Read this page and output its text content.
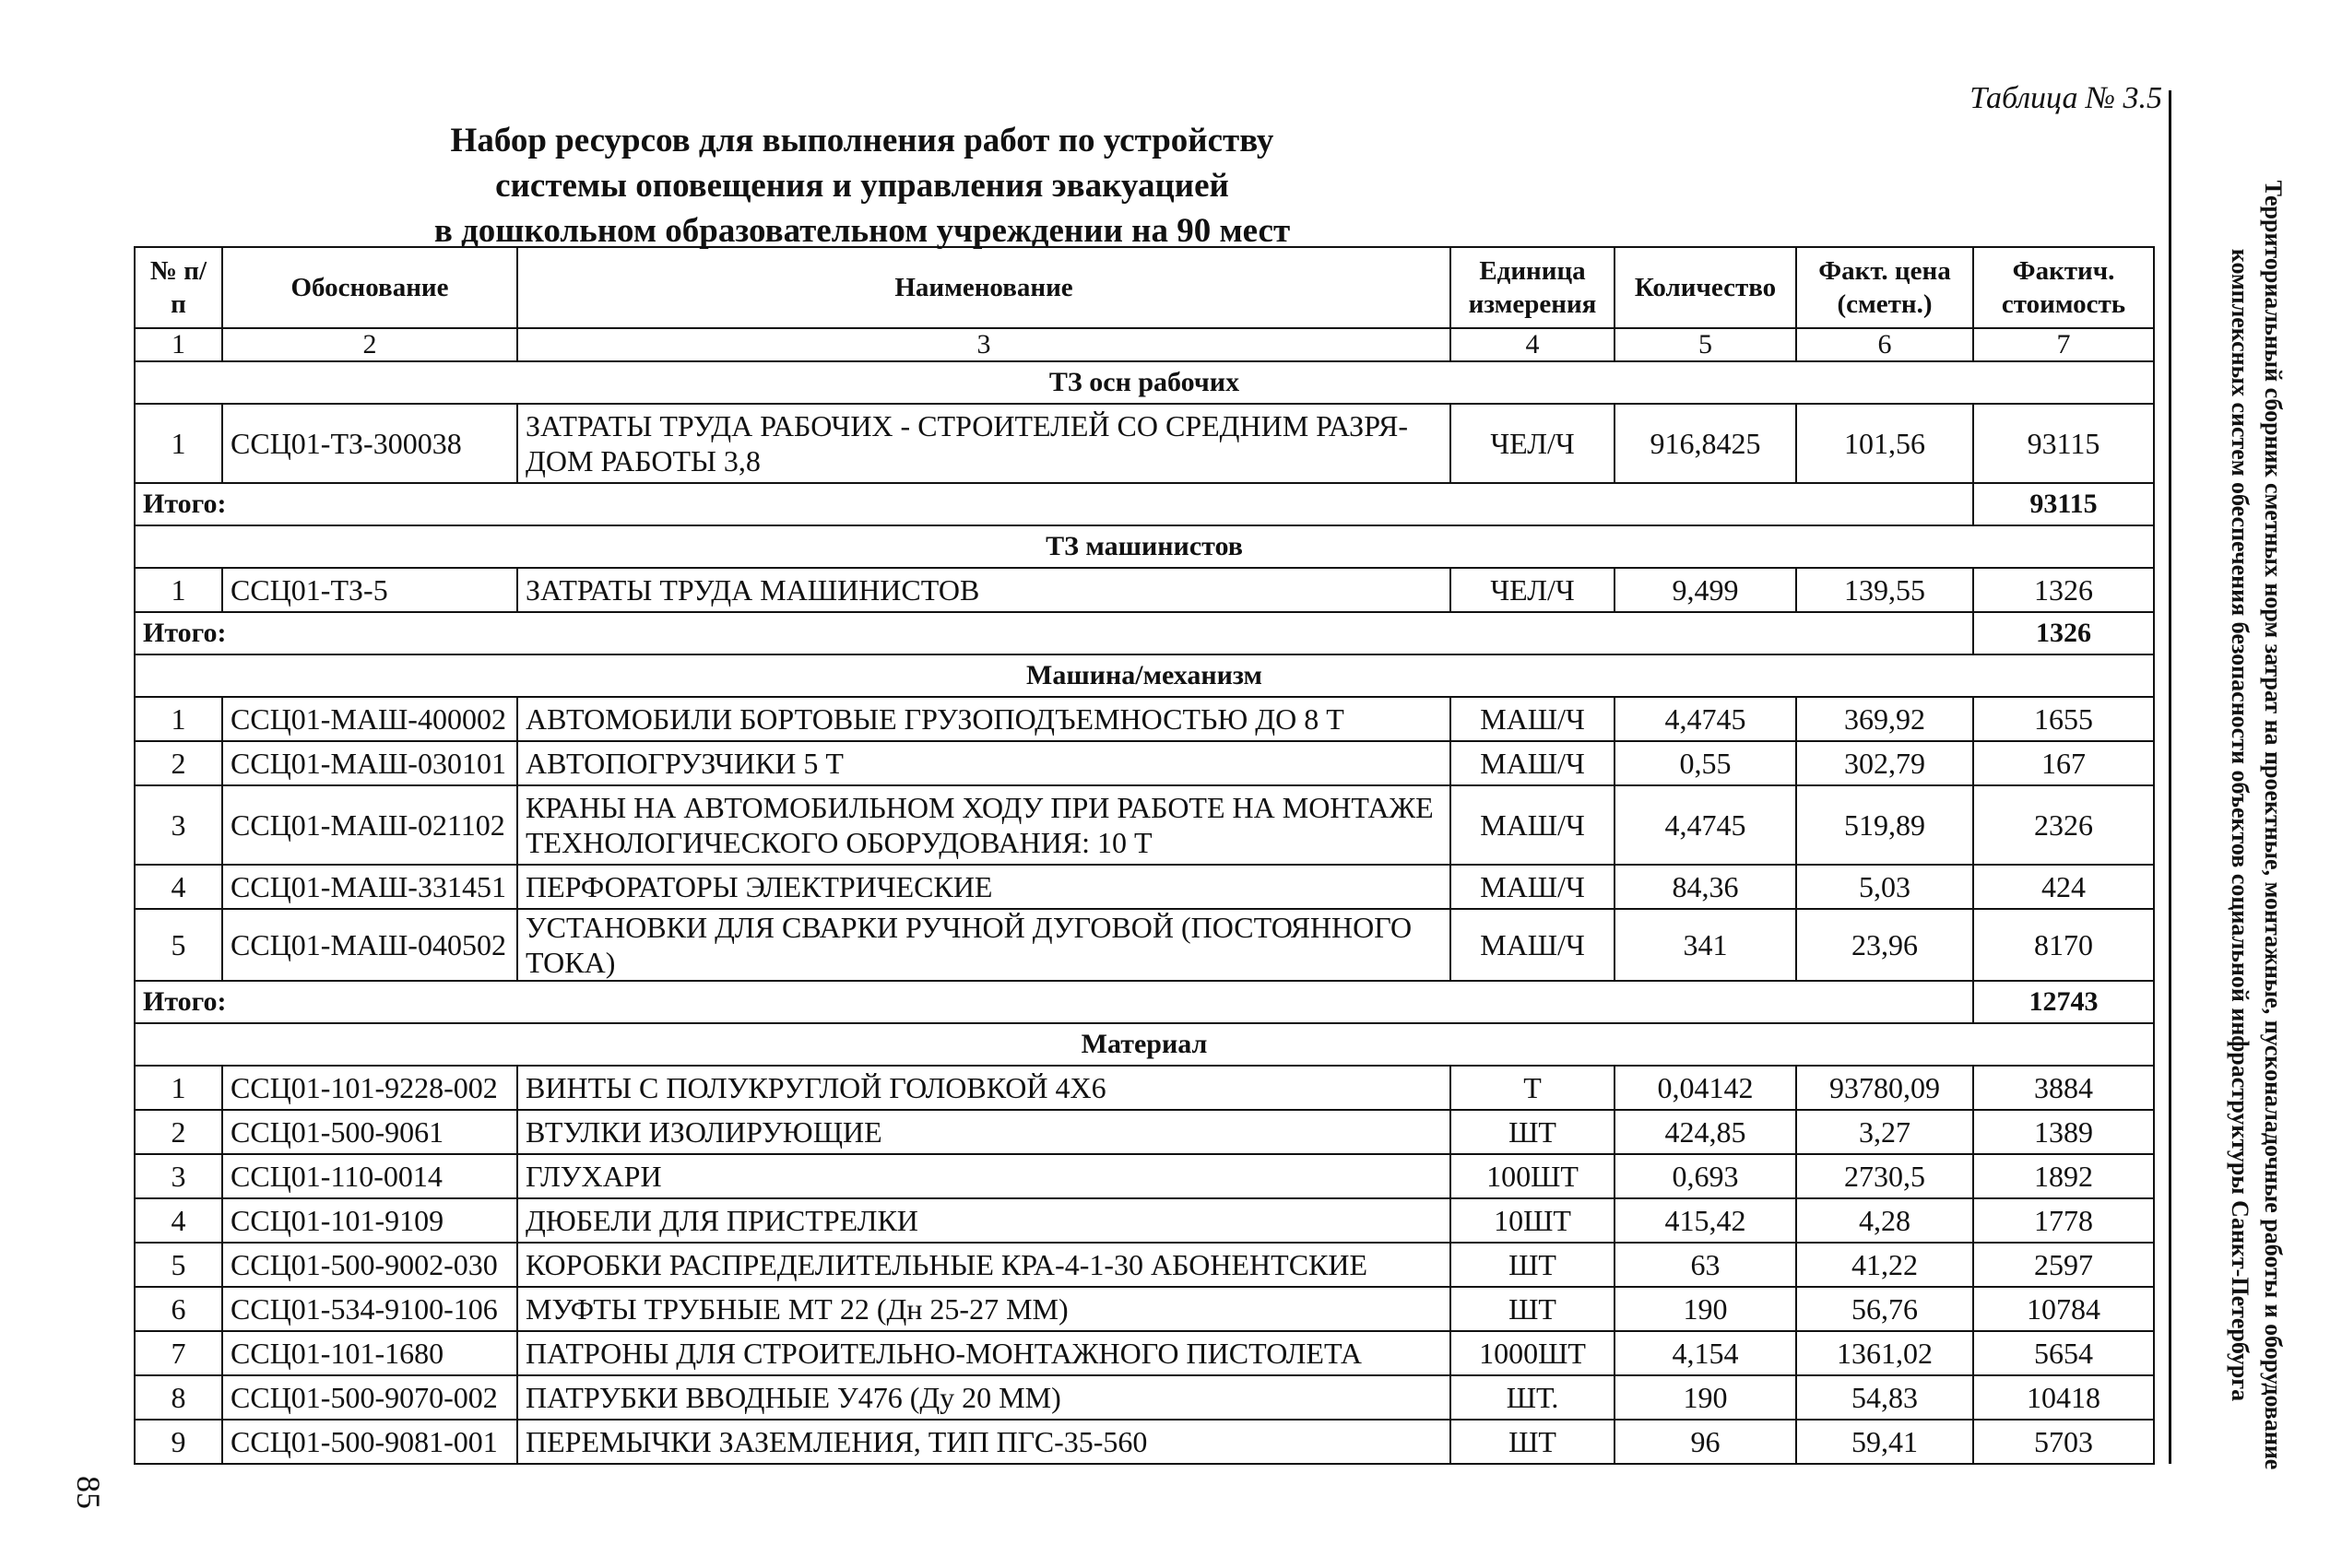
Таблица № 3.5
Набор ресурсов для выполнения работ по устройству
системы оповещения и управления эвакуацией
в дошкольном образовательном учреждении на 90 мест	Территориальный сборник сметных норм затрат на проектные, монтажные, пусконаладочные работы и оборудование
комплексных систем обеспечения безопасности объектов социальной инфраструктуры Санкт-Петербурга
85
№ п/п	Обоснование	Наименование	Единица измерения	Количество	Факт. цена (сметн.)	Фактич. стоимость
1	2	3	4	5	6	7
ТЗ осн рабочих						
1	ССЦ01-ТЗ-300038	ЗАТРАТЫ ТРУДА РАБОЧИХ - СТРОИТЕЛЕЙ СО СРЕДНИМ РАЗРЯ-ДОМ РАБОТЫ 3,8	ЧЕЛ/Ч	916,8425	101,56	93115
Итого:						93115
ТЗ машинистов						
1	ССЦ01-ТЗ-5	ЗАТРАТЫ ТРУДА МАШИНИСТОВ	ЧЕЛ/Ч	9,499	139,55	1326
Итого:						1326
Машина/механизм						
1	ССЦ01-МАШ-400002	АВТОМОБИЛИ БОРТОВЫЕ ГРУЗОПОДЪЕМНОСТЬЮ ДО 8 Т	МАШ/Ч	4,4745	369,92	1655
2	ССЦ01-МАШ-030101	АВТОПОГРУЗЧИКИ 5 Т	МАШ/Ч	0,55	302,79	167
3	ССЦ01-МАШ-021102	КРАНЫ НА АВТОМОБИЛЬНОМ ХОДУ ПРИ РАБОТЕ НА МОНТАЖЕ ТЕХНОЛОГИЧЕСКОГО ОБОРУДОВАНИЯ: 10 Т	МАШ/Ч	4,4745	519,89	2326
4	ССЦ01-МАШ-331451	ПЕРФОРАТОРЫ ЭЛЕКТРИЧЕСКИЕ	МАШ/Ч	84,36	5,03	424
5	ССЦ01-МАШ-040502	УСТАНОВКИ ДЛЯ СВАРКИ РУЧНОЙ ДУГОВОЙ (ПОСТОЯННОГО ТОКА)	МАШ/Ч	341	23,96	8170
Итого:						12743
Материал						
1	ССЦ01-101-9228-002	ВИНТЫ С ПОЛУКРУГЛОЙ ГОЛОВКОЙ 4Х6	Т	0,04142	93780,09	3884
2	ССЦ01-500-9061	ВТУЛКИ ИЗОЛИРУЮЩИЕ	ШТ	424,85	3,27	1389
3	ССЦ01-110-0014	ГЛУХАРИ	100ШТ	0,693	2730,5	1892
4	ССЦ01-101-9109	ДЮБЕЛИ ДЛЯ ПРИСТРЕЛКИ	10ШТ	415,42	4,28	1778
5	ССЦ01-500-9002-030	КОРОБКИ РАСПРЕДЕЛИТЕЛЬНЫЕ КРА-4-1-30 АБОНЕНТСКИЕ	ШТ	63	41,22	2597
6	ССЦ01-534-9100-106	МУФТЫ ТРУБНЫЕ МТ 22 (Дн 25-27 ММ)	ШТ	190	56,76	10784
7	ССЦ01-101-1680	ПАТРОНЫ ДЛЯ СТРОИТЕЛЬНО-МОНТАЖНОГО ПИСТОЛЕТА	1000ШТ	4,154	1361,02	5654
8	ССЦ01-500-9070-002	ПАТРУБКИ ВВОДНЫЕ У476 (Ду 20 ММ)	ШТ.	190	54,83	10418
9	ССЦ01-500-9081-001	ПЕРЕМЫЧКИ ЗАЗЕМЛЕНИЯ, ТИП ПГС-35-560	ШТ	96	59,41	5703
